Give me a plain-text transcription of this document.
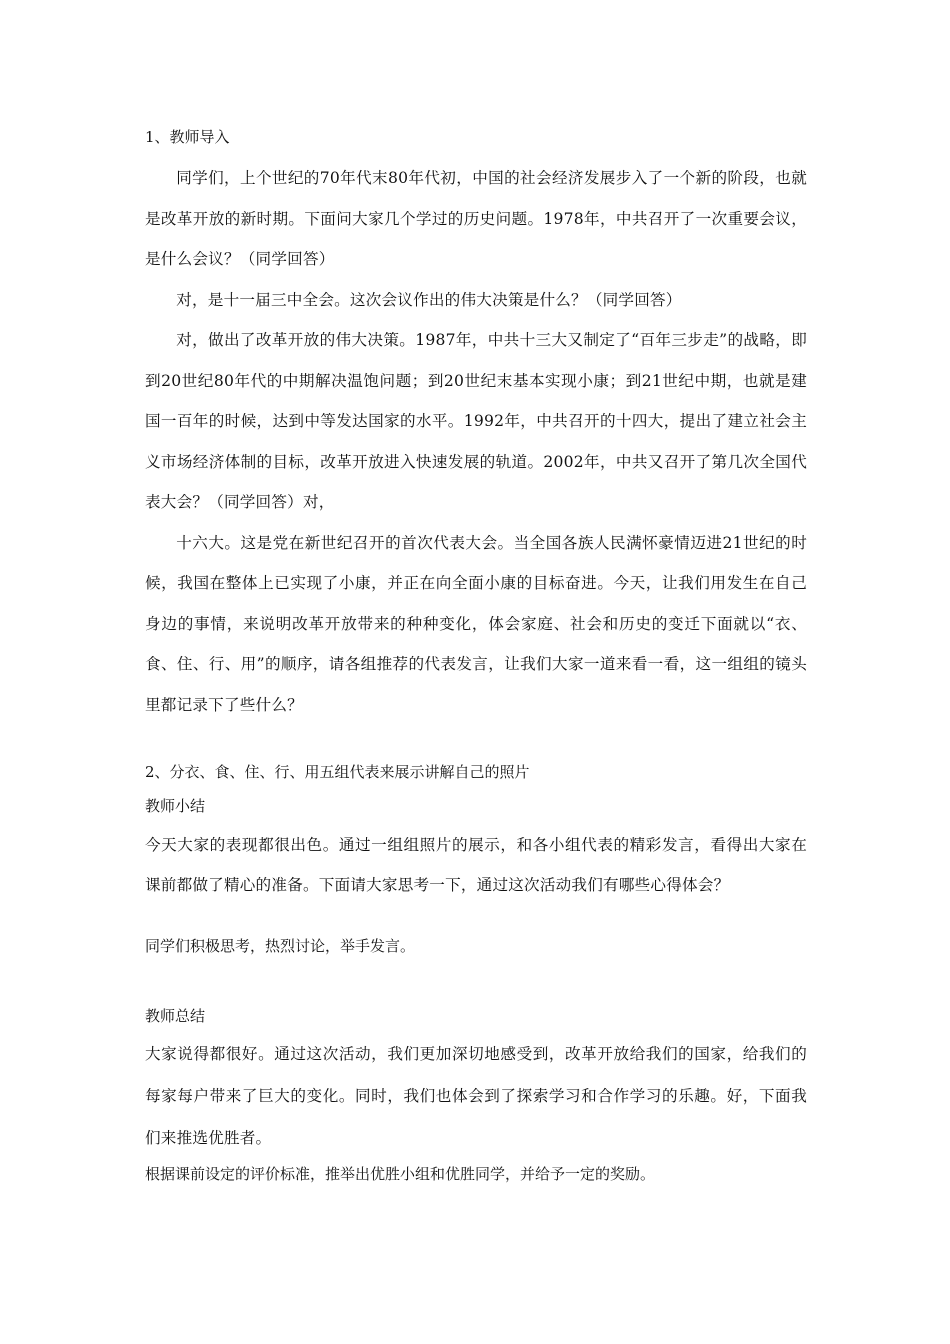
1、教师导入

同学们，上个世纪的70年代末80年代初，中国的社会经济发展步入了一个新的阶段，也就是改革开放的新时期。下面问大家几个学过的历史问题。1978年，中共召开了一次重要会议，是什么会议？（同学回答）

对，是十一届三中全会。这次会议作出的伟大决策是什么？（同学回答）

对，做出了改革开放的伟大决策。1987年，中共十三大又制定了“百年三步走”的战略，即到20世纪80年代的中期解决温饱问题；到20世纪末基本实现小康；到21世纪中期，也就是建国一百年的时候，达到中等发达国家的水平。1992年，中共召开的十四大，提出了建立社会主义市场经济体制的目标，改革开放进入快速发展的轨道。2002年，中共又召开了第几次全国代表大会？（同学回答）对，

十六大。这是党在新世纪召开的首次代表大会。当全国各族人民满怀豪情迈进21世纪的时候，我国在整体上已实现了小康，并正在向全面小康的目标奋进。今天，让我们用发生在自己身边的事情，来说明改革开放带来的种种变化，体会家庭、社会和历史的变迁下面就以“衣、食、住、行、用”的顺序，请各组推荐的代表发言，让我们大家一道来看一看，这一组组的镜头里都记录下了些什么？

2、分衣、食、住、行、用五组代表来展示讲解自己的照片

教师小结

今天大家的表现都很出色。通过一组组照片的展示，和各小组代表的精彩发言，看得出大家在课前都做了精心的准备。下面请大家思考一下，通过这次活动我们有哪些心得体会？

同学们积极思考，热烈讨论，举手发言。

教师总结

大家说得都很好。通过这次活动，我们更加深切地感受到，改革开放给我们的国家，给我们的每家每户带来了巨大的变化。同时，我们也体会到了探索学习和合作学习的乐趣。好，下面我们来推选优胜者。

根据课前设定的评价标准，推举出优胜小组和优胜同学，并给予一定的奖励。
